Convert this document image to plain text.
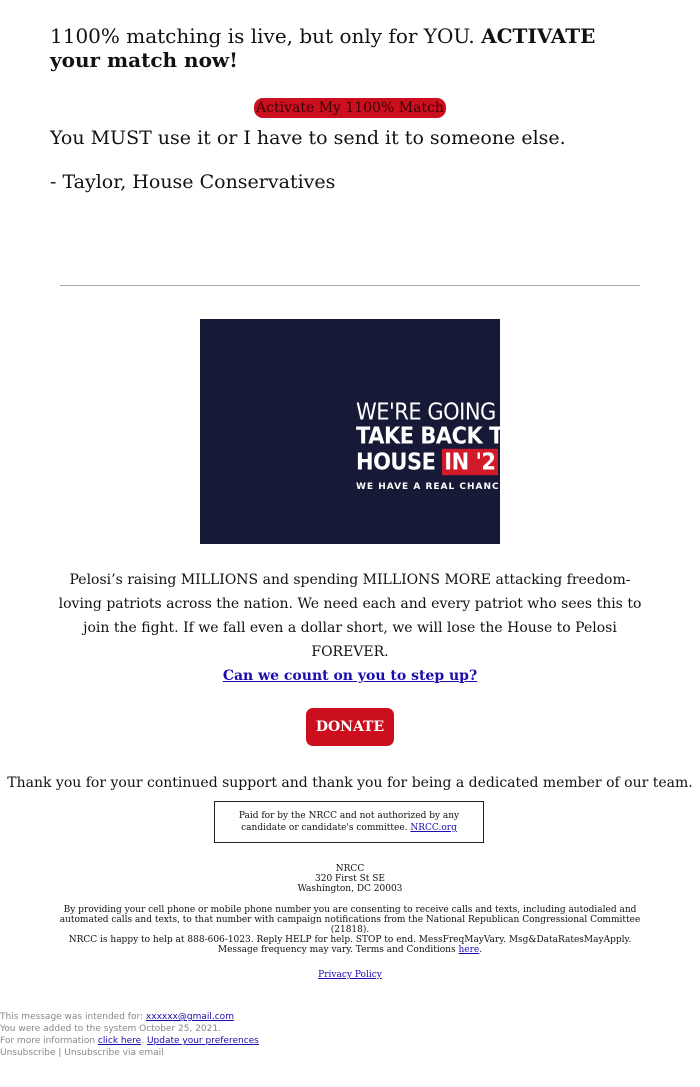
1100% matching is live, but only for YOU. ACTIVATE your match now!

Activate My 1100% Match

You MUST use it or I have to send it to someone else.

- Taylor, House Conservatives

WE'RE GOING T
TAKE BACK TH
HOUSE IN '2
WE HAVE A REAL CHANC

Pelosi’s raising MILLIONS and spending MILLIONS MORE attacking freedom-loving patriots across the nation. We need each and every patriot who sees this to join the fight. If we fall even a dollar short, we will lose the House to Pelosi FOREVER.

Can we count on you to step up?
DONATE

Thank you for your continued support and thank you for being a dedicated member of our team.

Paid for by the NRCC and not authorized by any candidate or candidate's committee. NRCC.org
NRCC
320 First St SE
Washington, DC 20003

By providing your cell phone or mobile phone number you are consenting to receive calls and texts, including autodialed and automated calls and texts, to that number with campaign notifications from the National Republican Congressional Committee (21818).

NRCC is happy to help at 888-606-1023. Reply HELP for help. STOP to end. MessFreqMayVary. Msg&DataRatesMayApply. Message frequency may vary. Terms and Conditions here.

Privacy Policy
This message was intended for: xxxxxx@gmail.com
You were added to the system October 25, 2021.
For more information click here. Update your preferences
Unsubscribe | Unsubscribe via email
